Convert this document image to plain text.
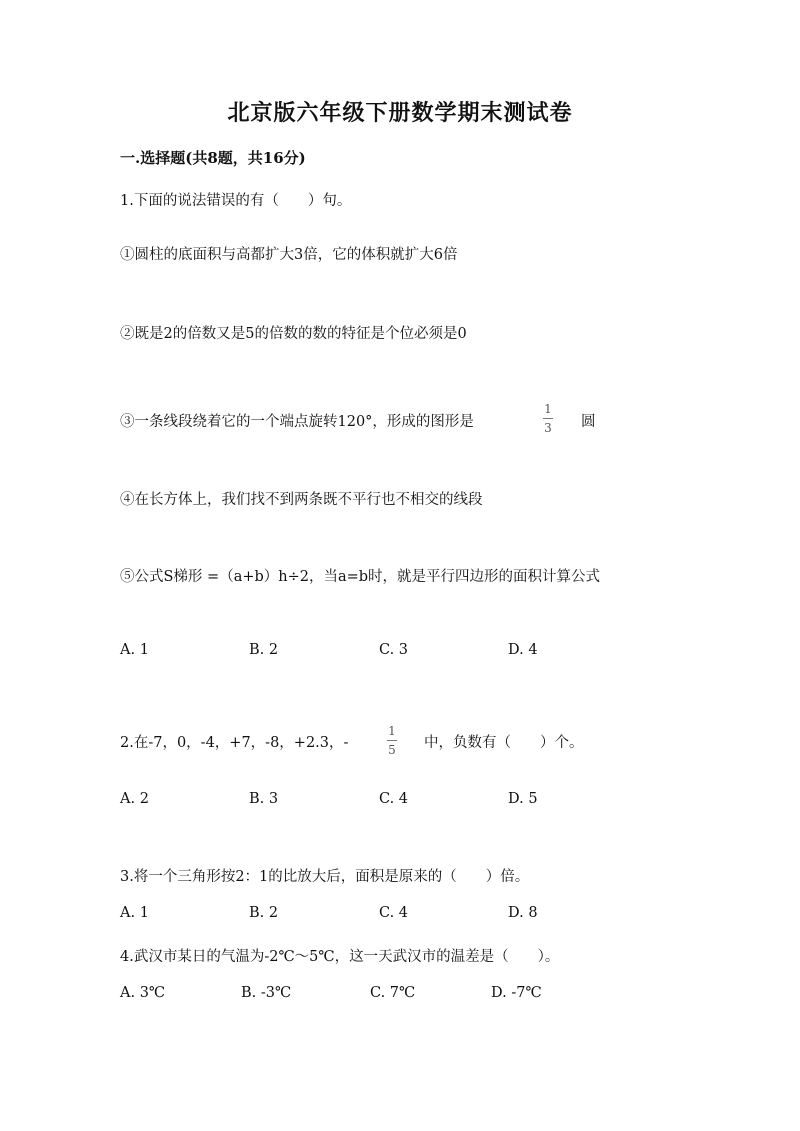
北京版六年级下册数学期末测试卷
一.选择题(共8题，共16分)
1.下面的说法错误的有（　　）句。
①圆柱的底面积与高都扩大3倍，它的体积就扩大6倍
②既是2的倍数又是5的倍数的数的特征是个位必须是0
③一条线段绕着它的一个端点旋转120°，形成的图形是
1
3 圆
④在长方体上，我们找不到两条既不平行也不相交的线段
⑤公式S梯形 =（a+b）h÷2，当a=b时，就是平行四边形的面积计算公式
A. 1	B. 2	C. 3	D. 4
2.在-7，0，-4，+7，-8，+2.3，-
1
5 中，负数有（　　）个。
A. 2	B. 3	C. 4	D. 5
3.将一个三角形按2：1的比放大后，面积是原来的（　　）倍。
A. 1	B. 2	C. 4	D. 8
4.武汉市某日的气温为-2℃～5℃，这一天武汉市的温差是（　　）。
A. 3℃	B. -3℃	C. 7℃	D. -7℃
